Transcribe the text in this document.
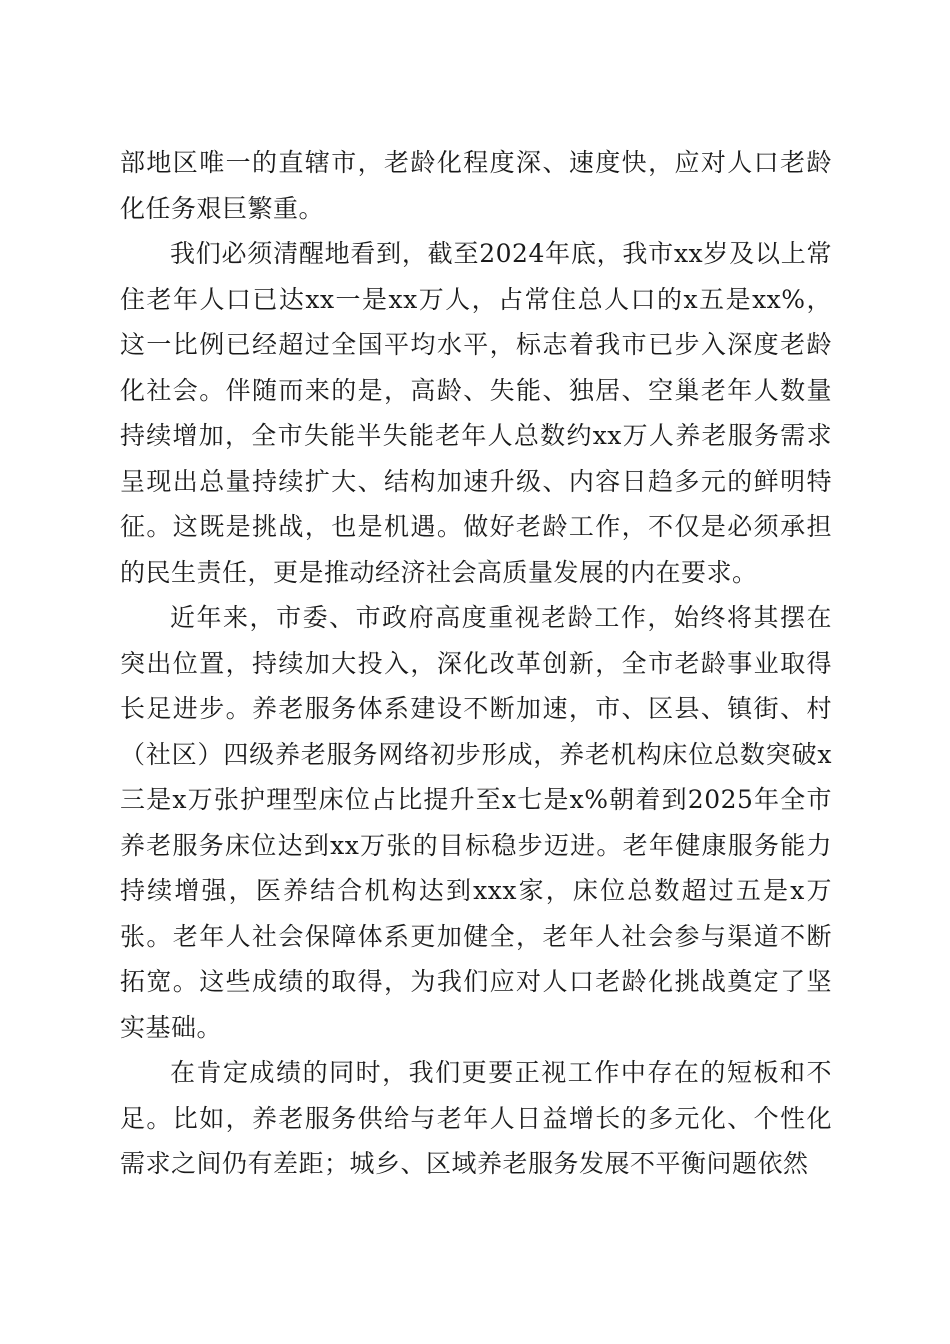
部地区唯一的直辖市，老龄化程度深、速度快，应对人口老龄化任务艰巨繁重。

我们必须清醒地看到，截至2024年底，我市xx岁及以上常住老年人口已达xx一是xx万人，占常住总人口的x五是xx%，这一比例已经超过全国平均水平，标志着我市已步入深度老龄化社会。伴随而来的是，高龄、失能、独居、空巢老年人数量持续增加，全市失能半失能老年人总数约xx万人养老服务需求呈现出总量持续扩大、结构加速升级、内容日趋多元的鲜明特征。这既是挑战，也是机遇。做好老龄工作，不仅是必须承担的民生责任，更是推动经济社会高质量发展的内在要求。

近年来，市委、市政府高度重视老龄工作，始终将其摆在突出位置，持续加大投入，深化改革创新，全市老龄事业取得长足进步。养老服务体系建设不断加速，市、区县、镇街、村（社区）四级养老服务网络初步形成，养老机构床位总数突破x三是x万张护理型床位占比提升至x七是x%朝着到2025年全市养老服务床位达到xx万张的目标稳步迈进。老年健康服务能力持续增强，医养结合机构达到xxx家，床位总数超过五是x万张。老年人社会保障体系更加健全，老年人社会参与渠道不断拓宽。这些成绩的取得，为我们应对人口老龄化挑战奠定了坚实基础。

在肯定成绩的同时，我们更要正视工作中存在的短板和不足。比如，养老服务供给与老年人日益增长的多元化、个性化需求之间仍有差距；城乡、区域养老服务发展不平衡问题依然
